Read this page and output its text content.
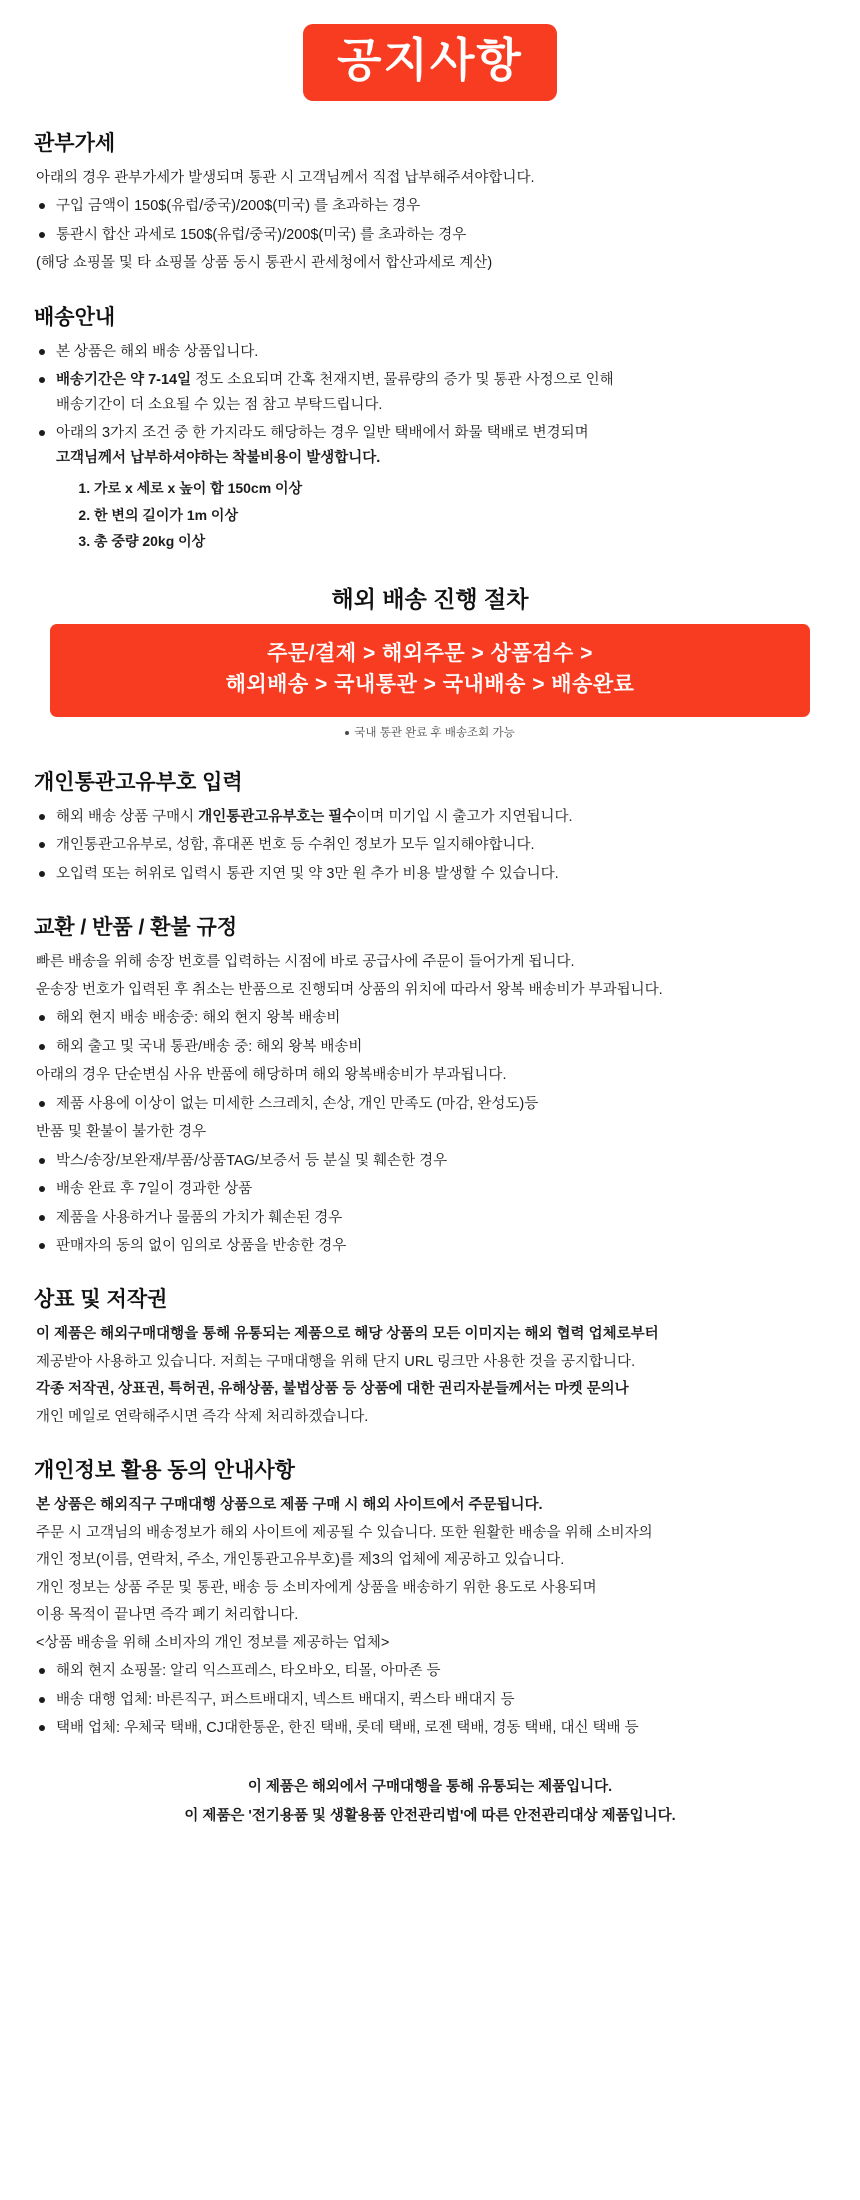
공지사항
관부가세

아래의 경우 관부가세가 발생되며 통관 시 고객님께서 직접 납부해주셔야합니다.

구입 금액이 150$(유럽/중국)/200$(미국) 를 초과하는 경우
통관시 합산 과세로 150$(유럽/중국)/200$(미국) 를 초과하는 경우

(해당 쇼핑몰 및 타 쇼핑몰 상품 동시 통관시 관세청에서 합산과세로 계산)

배송안내
본 상품은 해외 배송 상품입니다.
배송기간은 약 7-14일 정도 소요되며 간혹 천재지변, 물류량의 증가 및 통관 사정으로 인해
배송기간이 더 소요될 수 있는 점 참고 부탁드립니다.
아래의 3가지 조건 중 한 가지라도 해당하는 경우 일반 택배에서 화물 택배로 변경되며
고객님께서 납부하셔야하는 착불비용이 발생합니다.
1. 가로 x 세로 x 높이 합 150cm 이상
2. 한 변의 길이가 1m 이상
3. 총 중량 20kg 이상
해외 배송 진행 절차
주문/결제 > 해외주문 > 상품검수 >
해외배송 > 국내통관 > 국내배송 > 배송완료
국내 통관 완료 후 배송조회 가능
개인통관고유부호 입력
해외 배송 상품 구매시 개인통관고유부호는 필수이며 미기입 시 출고가 지연됩니다.
개인통관고유부로, 성함, 휴대폰 번호 등 수취인 정보가 모두 일지해야합니다.
오입력 또는 허위로 입력시 통관 지연 및 약 3만 원 추가 비용 발생할 수 있습니다.
교환 / 반품 / 환불 규정

빠른 배송을 위해 송장 번호를 입력하는 시점에 바로 공급사에 주문이 들어가게 됩니다.

운송장 번호가 입력된 후 취소는 반품으로 진행되며 상품의 위치에 따라서 왕복 배송비가 부과됩니다.

해외 현지 배송 배송중: 해외 현지 왕복 배송비
해외 출고 및 국내 통관/배송 중: 해외 왕복 배송비

아래의 경우 단순변심 사유 반품에 해당하며 해외 왕복배송비가 부과됩니다.

제품 사용에 이상이 없는 미세한 스크레치, 손상, 개인 만족도 (마감, 완성도)등

반품 및 환불이 불가한 경우

박스/송장/보완재/부품/상품TAG/보증서 등 분실 및 훼손한 경우
배송 완료 후 7일이 경과한 상품
제품을 사용하거나 물품의 가치가 훼손된 경우
판매자의 동의 없이 임의로 상품을 반송한 경우
상표 및 저작권

이 제품은 해외구매대행을 통해 유통되는 제품으로 해당 상품의 모든 이미지는 해외 협력 업체로부터

제공받아 사용하고 있습니다. 저희는 구매대행을 위해 단지 URL 링크만 사용한 것을 공지합니다.

각종 저작권, 상표권, 특허권, 유해상품, 불법상품 등 상품에 대한 권리자분들께서는 마켓 문의나

개인 메일로 연락해주시면 즉각 삭제 처리하겠습니다.

개인정보 활용 동의 안내사항

본 상품은 해외직구 구매대행 상품으로 제품 구매 시 해외 사이트에서 주문됩니다.

주문 시 고객님의 배송정보가 해외 사이트에 제공될 수 있습니다. 또한 원활한 배송을 위해 소비자의

개인 정보(이름, 연락처, 주소, 개인통관고유부호)를 제3의 업체에 제공하고 있습니다.

개인 정보는 상품 주문 및 통관, 배송 등 소비자에게 상품을 배송하기 위한 용도로 사용되며

이용 목적이 끝나면 즉각 폐기 처리합니다.

<상품 배송을 위해 소비자의 개인 정보를 제공하는 업체>

해외 현지 쇼핑몰: 알리 익스프레스, 타오바오, 티몰, 아마존 등
배송 대행 업체: 바른직구, 퍼스트배대지, 넥스트 배대지, 퀵스타 배대지 등
택배 업체: 우체국 택배, CJ대한통운, 한진 택배, 롯데 택배, 로젠 택배, 경동 택배, 대신 택배 등

이 제품은 해외에서 구매대행을 통해 유통되는 제품입니다.

이 제품은 '전기용품 및 생활용품 안전관리법'에 따른 안전관리대상 제품입니다.
